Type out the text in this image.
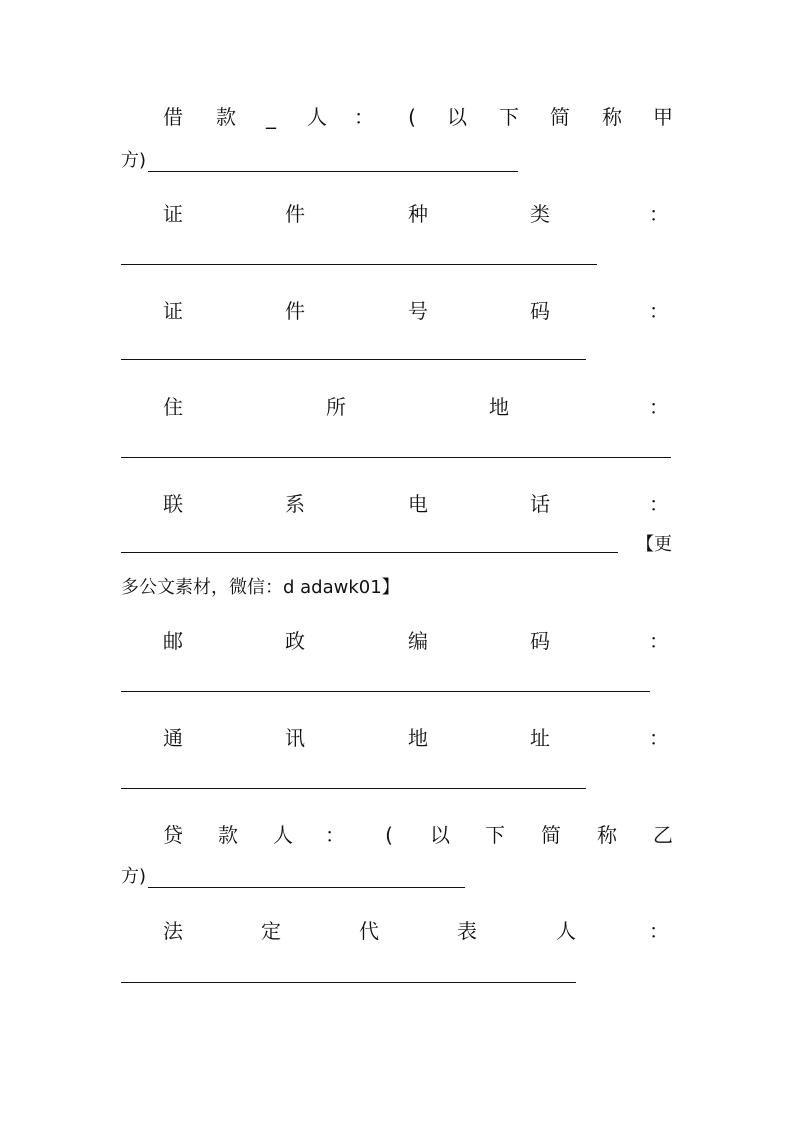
借 款 _ 人 ： ( 以 下 简 称 甲
方)
证	件	种	类	：
证	件	号	码	：
住	所	地	：
联	系	电	话	：
【更
多公文素材，微信：d adawk01】
邮	政	编	码	：
通	讯	地	址	：
贷 款 人 ： ( 以 下 简 称 乙
方)
法	定	代	表	人	：
